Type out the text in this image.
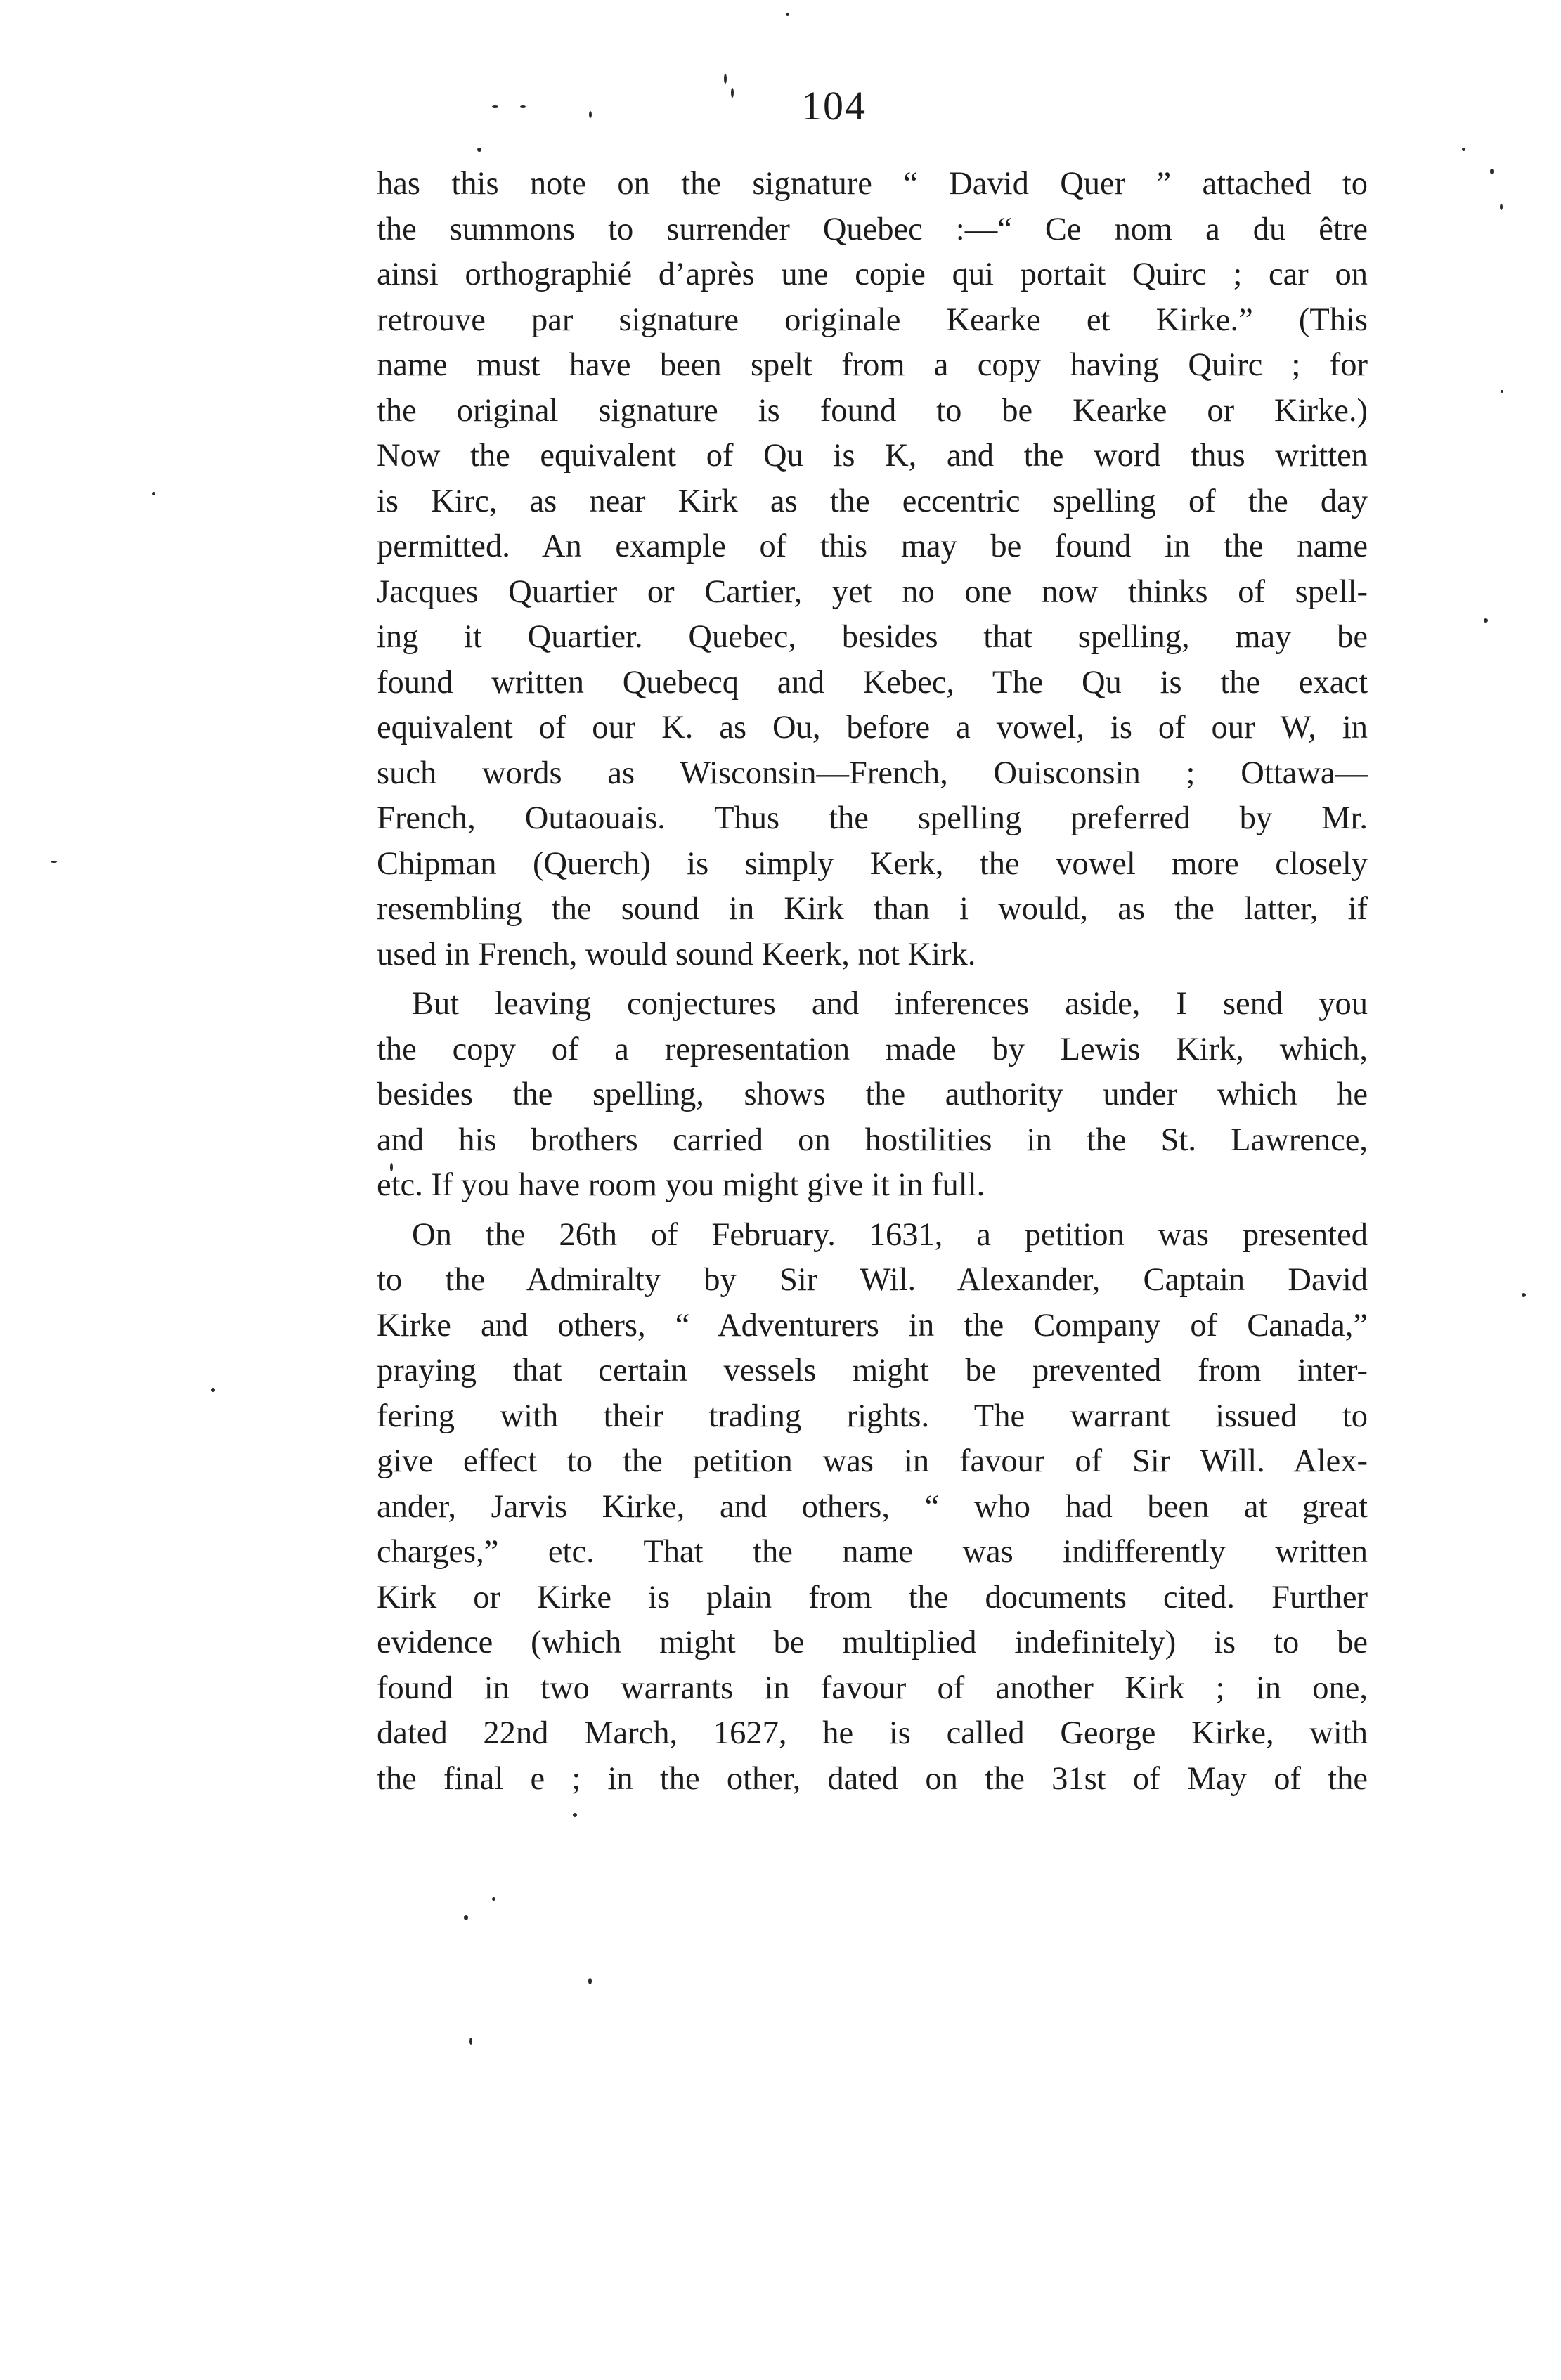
104
has this note on the signature “ David Quer ” attached to
the summons to surrender Quebec :—“ Ce nom a du être
ainsi orthographié d’après une copie qui portait Quirc ; car on
retrouve par signature originale Kearke et Kirke.” (This
name must have been spelt from a copy having Quirc ; for
the original signature is found to be Kearke or Kirke.)
Now the equivalent of Qu is K, and the word thus written
is Kirc, as near Kirk as the eccentric spelling of the day
permitted. An example of this may be found in the name
Jacques Quartier or Cartier, yet no one now thinks of spell-
ing it Quartier. Quebec, besides that spelling, may be
found written Quebecq and Kebec, The Qu is the exact
equivalent of our K. as Ou, before a vowel, is of our W, in
such words as Wisconsin—French, Ouisconsin ; Ottawa—
French, Outaouais. Thus the spelling preferred by Mr.
Chipman (Querch) is simply Kerk, the vowel more closely
resembling the sound in Kirk than i would, as the latter, if
used in French, would sound Keerk, not Kirk.
But leaving conjectures and inferences aside, I send you
the copy of a representation made by Lewis Kirk, which,
besides the spelling, shows the authority under which he
and his brothers carried on hostilities in the St. Lawrence,
etc. If you have room you might give it in full.
On the 26th of February. 1631, a petition was presented
to the Admiralty by Sir Wil. Alexander, Captain David
Kirke and others, “ Adventurers in the Company of Canada,”
praying that certain vessels might be prevented from inter-
fering with their trading rights. The warrant issued to
give effect to the petition was in favour of Sir Will. Alex-
ander, Jarvis Kirke, and others, “ who had been at great
charges,” etc. That the name was indifferently written
Kirk or Kirke is plain from the documents cited. Further
evidence (which might be multiplied indefinitely) is to be
found in two warrants in favour of another Kirk ; in one,
dated 22nd March, 1627, he is called George Kirke, with
the final e ; in the other, dated on the 31st of May of the
